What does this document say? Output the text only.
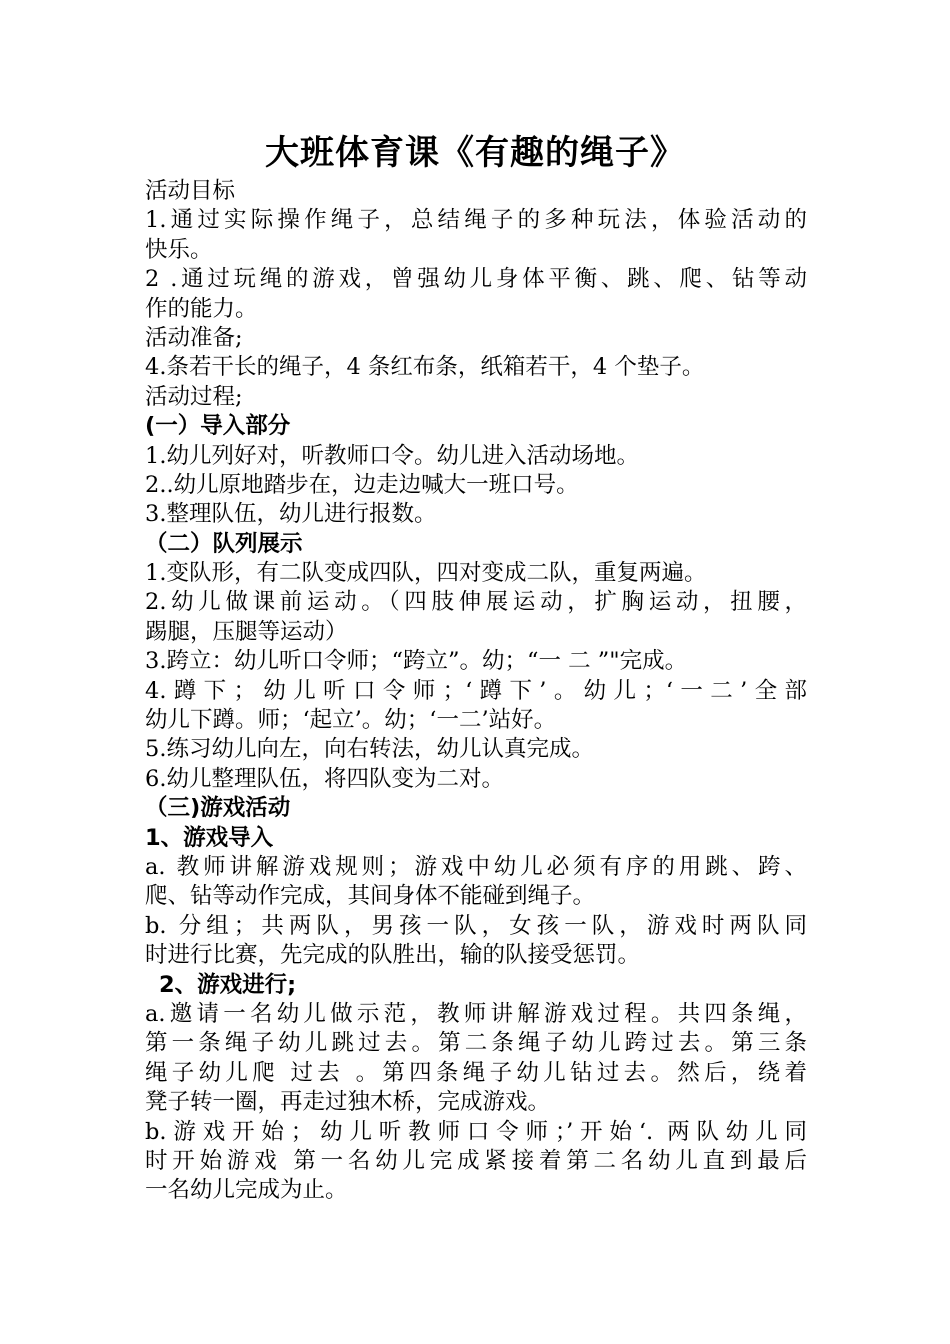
大班体育课《有趣的绳子》
活动目标
1.通过实际操作绳子，总结绳子的多种玩法，体验活动的
快乐。
2 .通过玩绳的游戏，曾强幼儿身体平衡、跳、爬、钻等动
作的能力。
活动准备;
4.条若干长的绳子，4 条红布条，纸箱若干，4 个垫子。
活动过程;
(一）导入部分
1.幼儿列好对，听教师口令。幼儿进入活动场地。
2..幼儿原地踏步在，边走边喊大一班口号。
3.整理队伍，幼儿进行报数。
（二）队列展示
1.变队形，有二队变成四队，四对变成二队，重复两遍。
2.幼儿做课前运动。（四肢伸展运动，扩胸运动，扭腰，
踢腿，压腿等运动）
3.跨立：幼儿听口令师；“跨立”。幼；“一 二 ”"完成。
4.蹲下；幼儿听口令师；‘蹲下’。幼儿；‘一二’全部
幼儿下蹲。师；‘起立’。幼；‘一二’站好。
5.练习幼儿向左，向右转法，幼儿认真完成。
6.幼儿整理队伍，将四队变为二对。
（三)游戏活动
1、游戏导入
a. 教师讲解游戏规则；游戏中幼儿必须有序的用跳、跨、
爬、钻等动作完成，其间身体不能碰到绳子。
b. 分组；共两队，男孩一队，女孩一队，游戏时两队同
时进行比赛，先完成的队胜出，输的队接受惩罚。
2、游戏进行;
a.邀请一名幼儿做示范，教师讲解游戏过程。共四条绳，
第一条绳子幼儿跳过去。第二条绳子幼儿跨过去。第三条
绳子幼儿爬 过去 。第四条绳子幼儿钻过去。然后，绕着
凳子转一圈，再走过独木桥，完成游戏。
b.游戏开始；幼儿听教师口令师；’开始‘. 两队幼儿同
时开始游戏 第一名幼儿完成紧接着第二名幼儿直到最后
一名幼儿完成为止。
